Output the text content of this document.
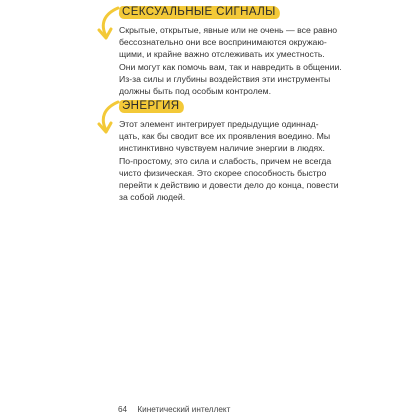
СЕКСУАЛЬНЫЕ СИГНАЛЫ
Скрытые, открытые, явные или не очень — все равно
бессознательно они все воспринимаются окружаю-
щими, и крайне важно отслеживать их уместность.
Они могут как помочь вам, так и навредить в общении.
Из-за силы и глубины воздействия эти инструменты
должны быть под особым контролем.
ЭНЕРГИЯ
Этот элемент интегрирует предыдущие одиннад-
цать, как бы сводит все их проявления воедино. Мы
инстинктивно чувствуем наличие энергии в людях.
По-простому, это сила и слабость, причем не всегда
чисто физическая. Это скорее способность быстро
перейти к действию и довести дело до конца, повести
за собой людей.
64 Кинетический интеллект
